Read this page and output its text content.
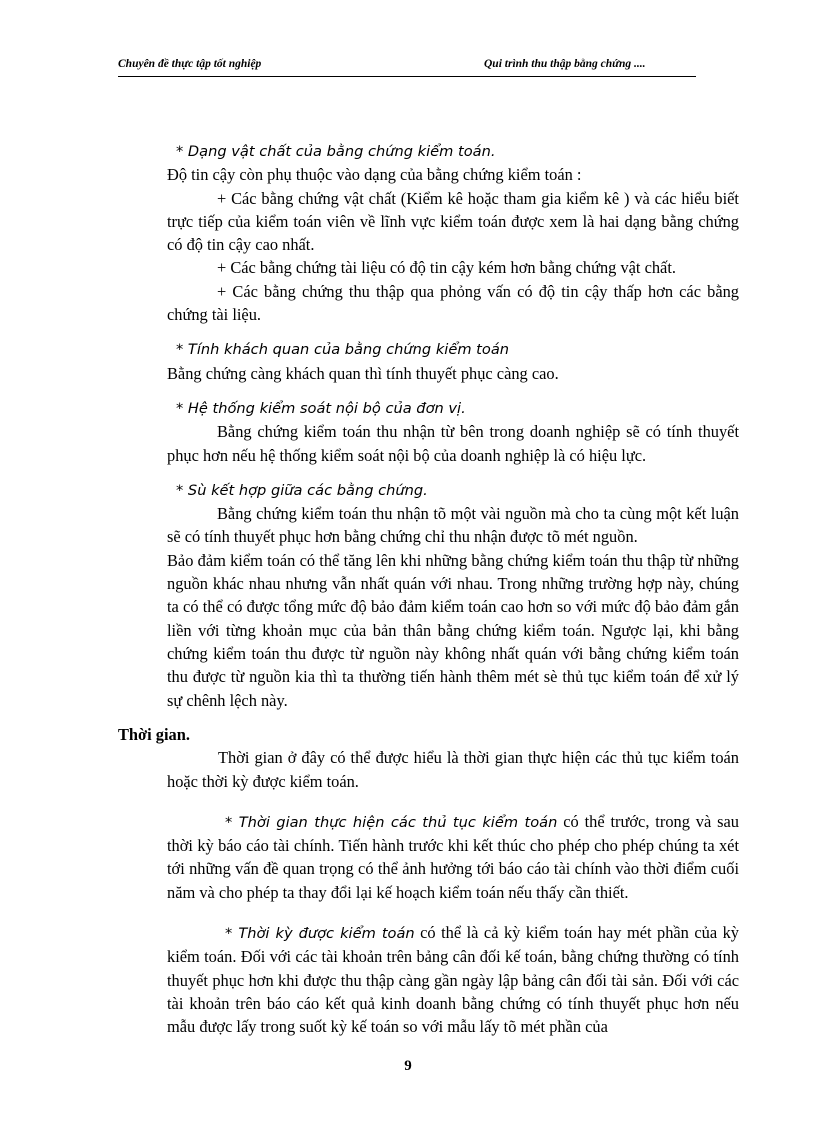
Chuyên đề thực tập tốt nghiệp	Qui trình thu thập bằng chứng ....

* Dạng vật chất của bằng chứng kiểm toán.

Độ tin cậy còn phụ thuộc vào dạng của bằng chứng kiểm toán :

+ Các bằng chứng vật chất (Kiểm kê hoặc tham gia kiểm kê ) và các hiểu biết trực tiếp của kiểm toán viên về lĩnh vực kiểm toán được xem là hai dạng bằng chứng có độ tin cậy cao nhất.

+ Các bằng chứng tài liệu có độ tin cậy kém hơn bằng chứng vật chất.

+ Các bằng chứng thu thập qua phỏng vấn có độ tin cậy thấp hơn các bằng chứng tài liệu.

* Tính khách quan của bằng chứng kiểm toán

Bằng chứng càng khách quan thì tính thuyết phục càng cao.

* Hệ thống kiểm soát nội bộ của đơn vị.

Bằng chứng kiểm toán thu nhận từ bên trong doanh nghiệp sẽ có tính thuyết phục hơn nếu hệ thống kiểm soát nội bộ của doanh nghiệp là có hiệu lực.

* Sù kết hợp giữa các bằng chứng.

Bằng chứng kiểm toán thu nhận tõ một vài nguồn mà cho ta cùng một kết luận sẽ có tính thuyết phục hơn bằng chứng chỉ thu nhận được tõ mét nguồn.

Bảo đảm kiểm toán có thể tăng lên khi những bằng chứng kiểm toán thu thập từ những nguồn khác nhau nhưng vẫn nhất quán với nhau. Trong những trường hợp này, chúng ta có thể có được tổng mức độ bảo đảm kiểm toán cao hơn so với mức độ bảo đảm gắn liền với từng khoản mục của bản thân bằng chứng kiểm toán. Ngược lại, khi bằng chứng kiểm toán thu được từ nguồn này không nhất quán với bằng chứng kiểm toán thu được từ nguồn kia thì ta thường tiến hành thêm mét sè thủ tục kiểm toán để xử lý sự chênh lệch này.

Thời gian.

Thời gian ở đây có thể được hiểu là thời gian thực hiện các thủ tục kiểm toán hoặc thời kỳ được kiểm toán.

* Thời gian thực hiện các thủ tục kiểm toán có thể trước, trong và sau thời kỳ báo cáo tài chính. Tiến hành trước khi kết thúc cho phép cho phép chúng ta xét tới những vấn đề quan trọng có thể ảnh hưởng tới báo cáo tài chính vào thời điểm cuối năm và cho phép ta thay đổi lại kế hoạch kiểm toán nếu thấy cần thiết.

* Thời kỳ được kiểm toán có thể là cả kỳ kiểm toán hay mét phần của kỳ kiểm toán. Đối với các tài khoản trên bảng cân đối kế toán, bằng chứng thường có tính thuyết phục hơn khi được thu thập càng gần ngày lập bảng cân đối tài sản. Đối với các tài khoản trên báo cáo kết quả kinh doanh bằng chứng có tính thuyết phục hơn nếu mẫu được lấy trong suốt kỳ kế toán so với mẫu lấy tõ mét phần của

9
